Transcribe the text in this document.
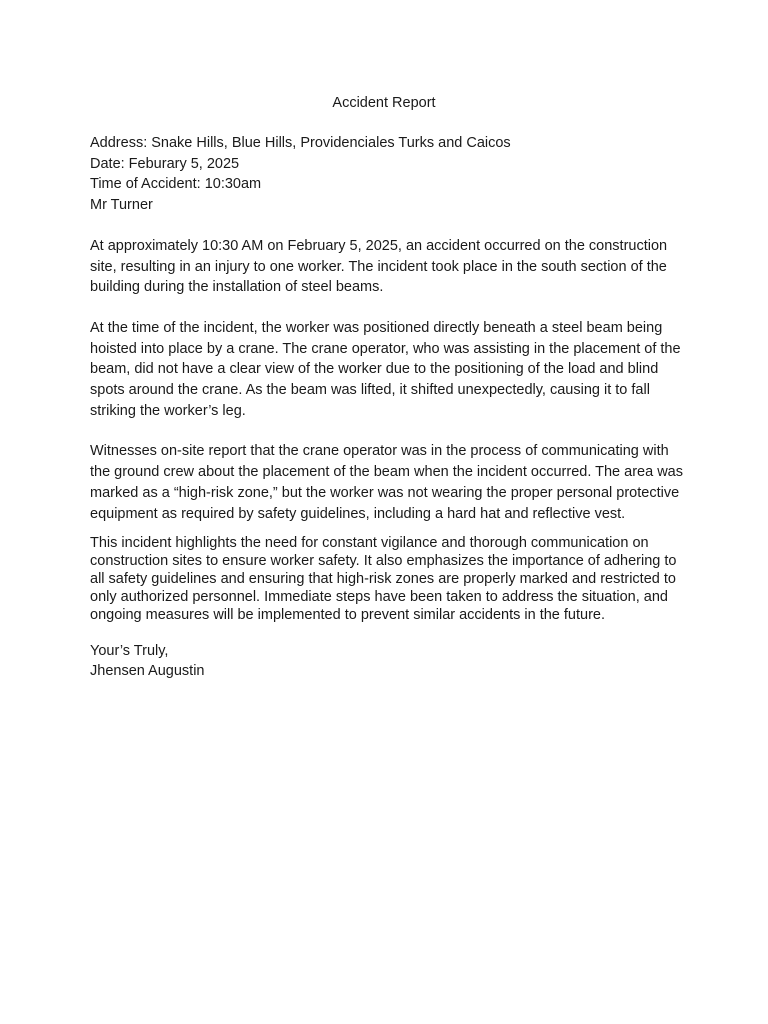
Accident Report

Address: Snake Hills, Blue Hills, Providenciales Turks and Caicos

Date: Feburary 5, 2025

Time of Accident: 10:30am

Mr Turner

At approximately 10:30 AM on February 5, 2025, an accident occurred on the construction site, resulting in an injury to one worker. The incident took place in the south section of the building during the installation of steel beams.

At the time of the incident, the worker was positioned directly beneath a steel beam being hoisted into place by a crane. The crane operator, who was assisting in the placement of the beam, did not have a clear view of the worker due to the positioning of the load and blind spots around the crane. As the beam was lifted, it shifted unexpectedly, causing it to fall striking the worker’s leg.

Witnesses on-site report that the crane operator was in the process of communicating with the ground crew about the placement of the beam when the incident occurred. The area was marked as a “high-risk zone,” but the worker was not wearing the proper personal protective equipment as required by safety guidelines, including a hard hat and reflective vest.

This incident highlights the need for constant vigilance and thorough communication on construction sites to ensure worker safety. It also emphasizes the importance of adhering to all safety guidelines and ensuring that high-risk zones are properly marked and restricted to only authorized personnel. Immediate steps have been taken to address the situation, and ongoing measures will be implemented to prevent similar accidents in the future.

Your’s Truly,

Jhensen Augustin
